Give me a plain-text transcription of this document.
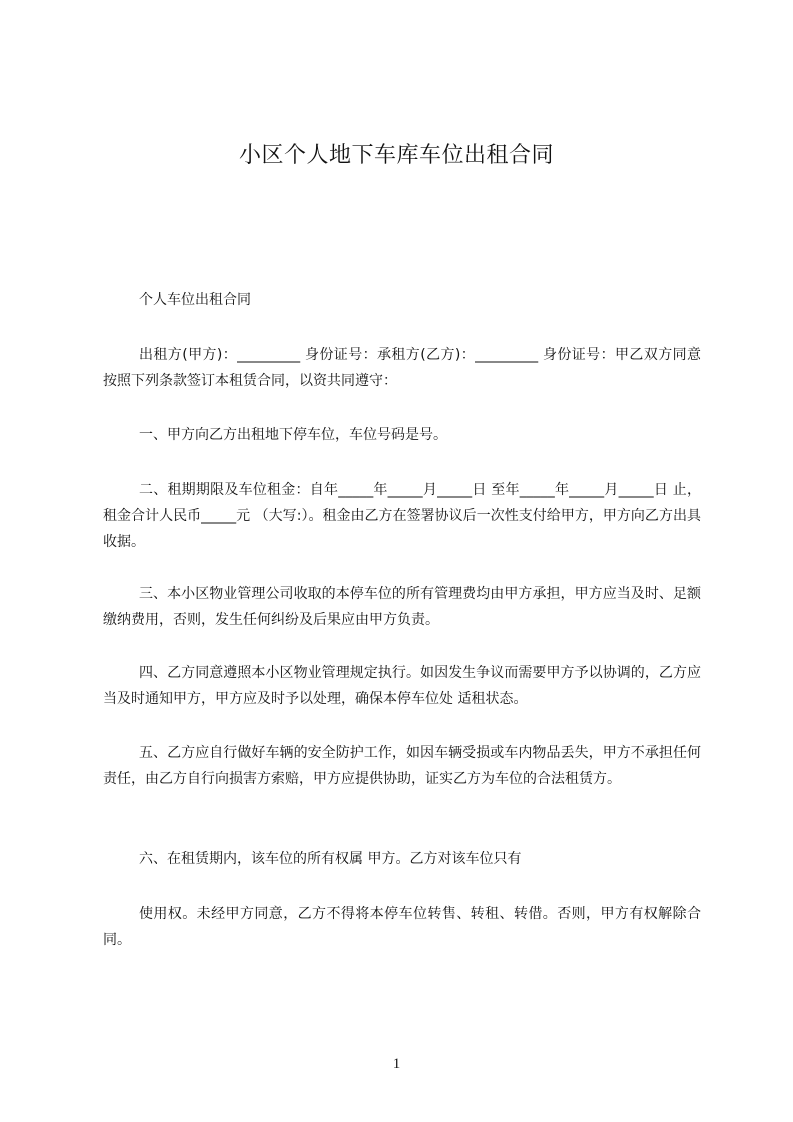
小区个人地下车库车位出租合同
个人车位出租合同
出租方(甲方)：_________ 身份证号：承租方(乙方)：_________ 身份证号：甲乙双方同意按照下列条款签订本租赁合同，以资共同遵守：
一、甲方向乙方出租地下停车位，车位号码是号。
二、租期期限及车位租金：自年_____年_____月_____日 至年_____年_____月_____日 止，租金合计人民币_____元 （大写:）。租金由乙方在签署协议后一次性支付给甲方，甲方向乙方出具收据。
三、本小区物业管理公司收取的本停车位的所有管理费均由甲方承担，甲方应当及时、足额缴纳费用，否则，发生任何纠纷及后果应由甲方负责。
四、乙方同意遵照本小区物业管理规定执行。如因发生争议而需要甲方予以协调的，乙方应当及时通知甲方，甲方应及时予以处理，确保本停车位处 适租状态。
五、乙方应自行做好车辆的安全防护工作，如因车辆受损或车内物品丢失，甲方不承担任何责任，由乙方自行向损害方索赔，甲方应提供协助，证实乙方为车位的合法租赁方。
六、在租赁期内，该车位的所有权属 甲方。乙方对该车位只有
使用权。未经甲方同意，乙方不得将本停车位转售、转租、转借。否则，甲方有权解除合同。
1
